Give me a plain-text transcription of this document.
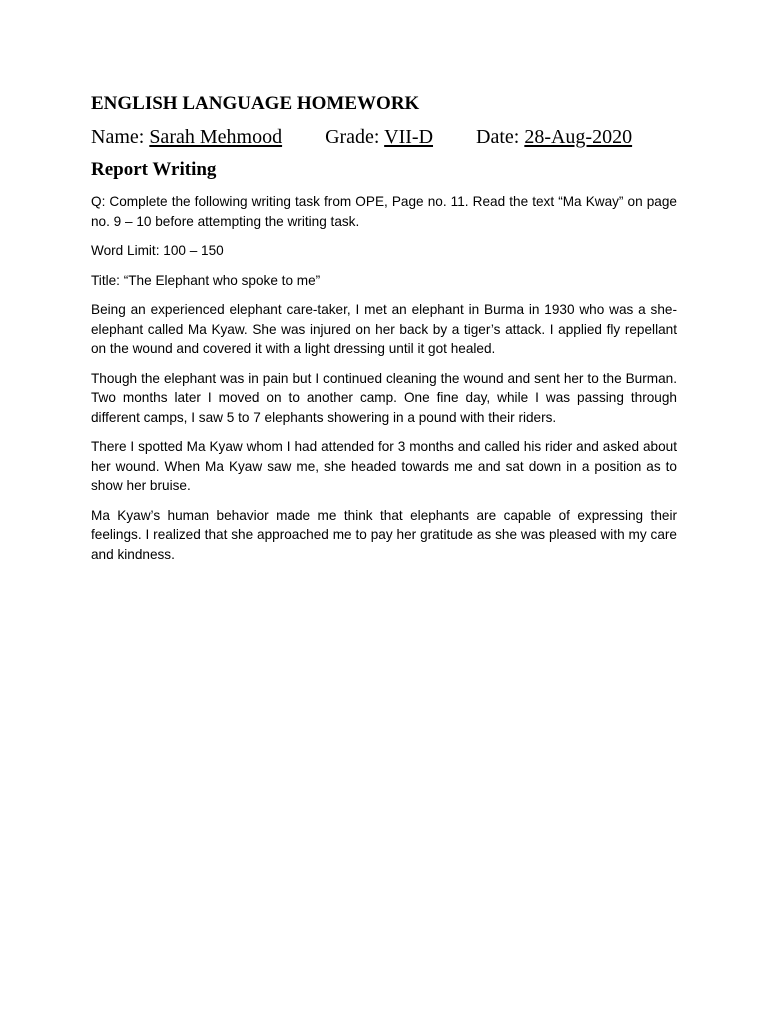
ENGLISH LANGUAGE HOMEWORK
Name: Sarah Mehmood Grade: VII-D Date: 28-Aug-2020
Report Writing

Q: Complete the following writing task from OPE, Page no. 11. Read the text “Ma Kway” on page no. 9 – 10 before attempting the writing task.

Word Limit: 100 – 150

Title: “The Elephant who spoke to me”

Being an experienced elephant care-taker, I met an elephant in Burma in 1930 who was a she-elephant called Ma Kyaw. She was injured on her back by a tiger’s attack. I applied fly repellant on the wound and covered it with a light dressing until it got healed.

Though the elephant was in pain but I continued cleaning the wound and sent her to the Burman. Two months later I moved on to another camp. One fine day, while I was passing through different camps, I saw 5 to 7 elephants showering in a pound with their riders.

There I spotted Ma Kyaw whom I had attended for 3 months and called his rider and asked about her wound. When Ma Kyaw saw me, she headed towards me and sat down in a position as to show her bruise.

Ma Kyaw’s human behavior made me think that elephants are capable of expressing their feelings. I realized that she approached me to pay her gratitude as she was pleased with my care and kindness.
